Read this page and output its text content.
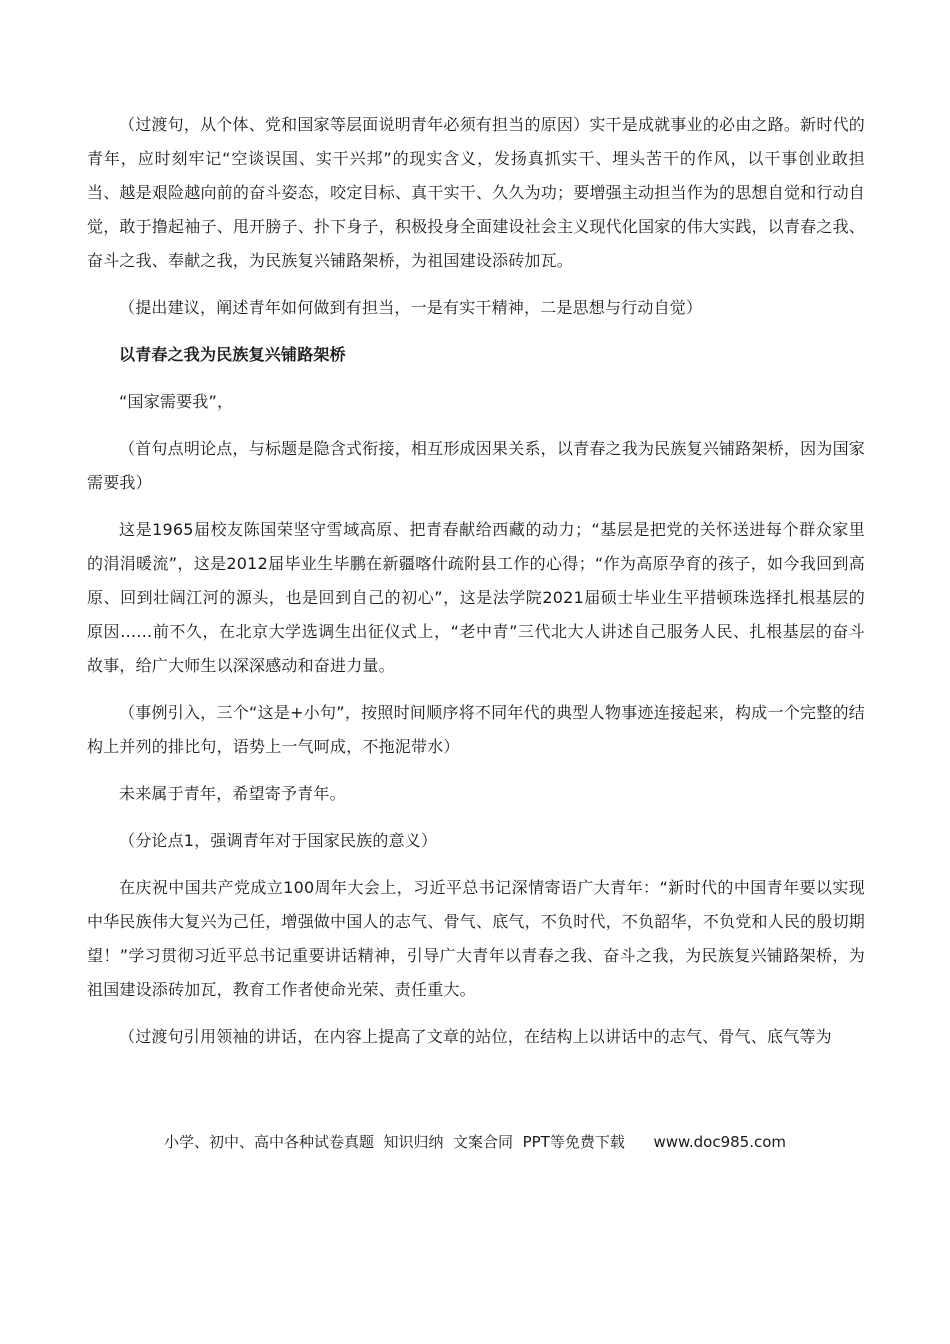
（过渡句，从个体、党和国家等层面说明青年必须有担当的原因）实干是成就事业的必由之路。新时代的青年，应时刻牢记“空谈误国、实干兴邦”的现实含义，发扬真抓实干、埋头苦干的作风，以干事创业敢担当、越是艰险越向前的奋斗姿态，咬定目标、真干实干、久久为功；要增强主动担当作为的思想自觉和行动自觉，敢于撸起袖子、甩开膀子、扑下身子，积极投身全面建设社会主义现代化国家的伟大实践，以青春之我、奋斗之我、奉献之我，为民族复兴铺路架桥，为祖国建设添砖加瓦。

（提出建议，阐述青年如何做到有担当，一是有实干精神，二是思想与行动自觉）

以青春之我为民族复兴铺路架桥

“国家需要我”，

（首句点明论点，与标题是隐含式衔接，相互形成因果关系，以青春之我为民族复兴铺路架桥，因为国家需要我）

这是1965届校友陈国荣坚守雪域高原、把青春献给西藏的动力；“基层是把党的关怀送进每个群众家里的涓涓暖流”，这是2012届毕业生毕鹏在新疆喀什疏附县工作的心得；“作为高原孕育的孩子，如今我回到高原、回到壮阔江河的源头，也是回到自己的初心”，这是法学院2021届硕士毕业生平措顿珠选择扎根基层的原因……前不久，在北京大学选调生出征仪式上，“老中青”三代北大人讲述自己服务人民、扎根基层的奋斗故事，给广大师生以深深感动和奋进力量。

（事例引入，三个“这是+小句”，按照时间顺序将不同年代的典型人物事迹连接起来，构成一个完整的结构上并列的排比句，语势上一气呵成，不拖泥带水）

未来属于青年，希望寄予青年。

（分论点1，强调青年对于国家民族的意义）

在庆祝中国共产党成立100周年大会上，习近平总书记深情寄语广大青年：“新时代的中国青年要以实现中华民族伟大复兴为己任，增强做中国人的志气、骨气、底气，不负时代，不负韶华，不负党和人民的殷切期望！”学习贯彻习近平总书记重要讲话精神，引导广大青年以青春之我、奋斗之我，为民族复兴铺路架桥，为祖国建设添砖加瓦，教育工作者使命光荣、责任重大。

（过渡句引用领袖的讲话，在内容上提高了文章的站位，在结构上以讲话中的志气、骨气、底气等为

小学、初中、高中各种试卷真题  知识归纳  文案合同  PPT等免费下载      www.doc985.com
